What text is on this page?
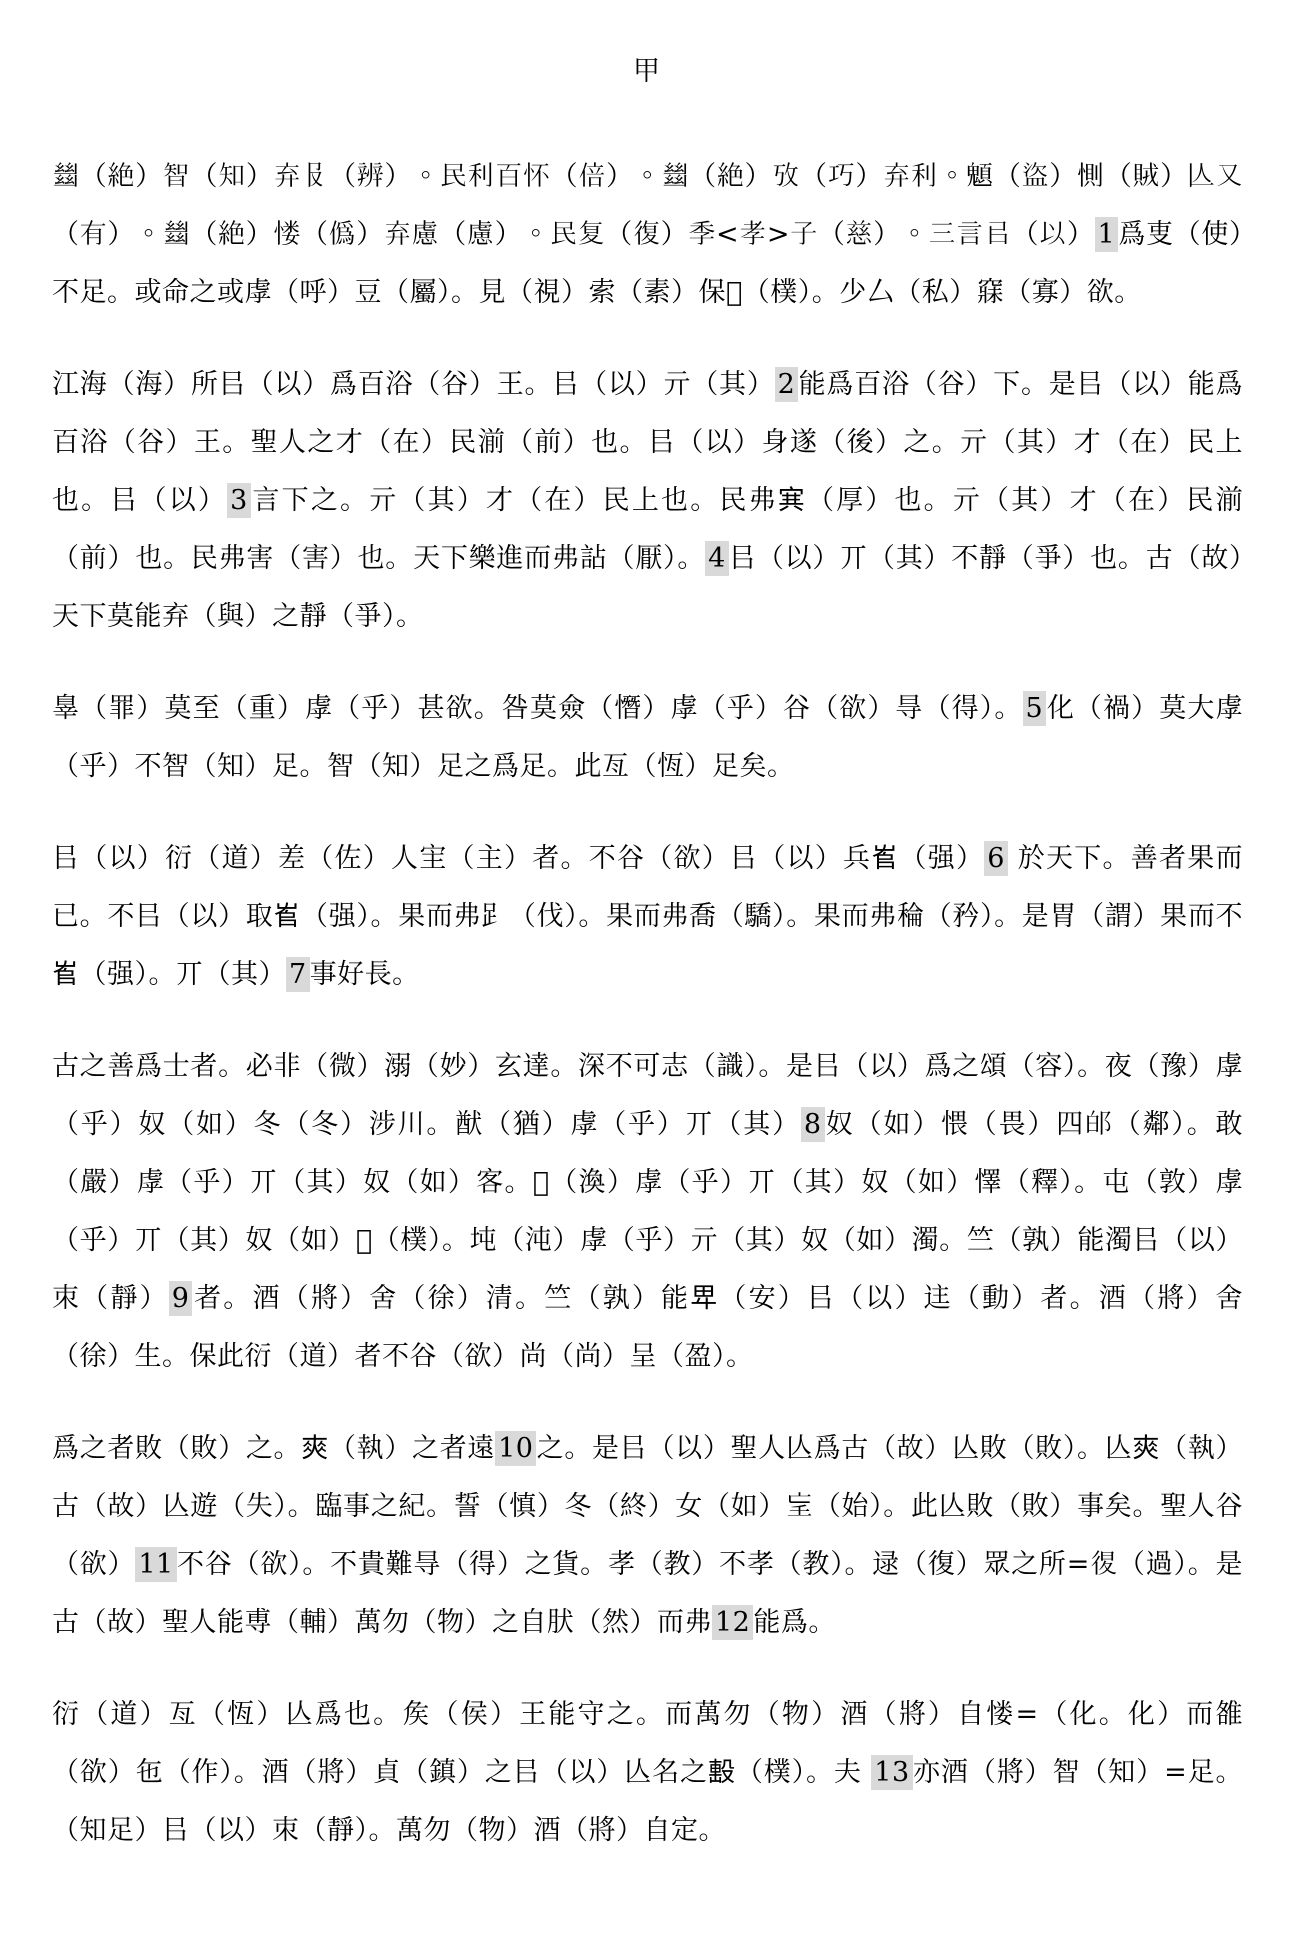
甲

𢇍（絶）智（知）弃𠬝（辨）。民利百怀（倍）。𢇍（絶）攷（巧）弃利。䫥（盜）惻（賊）亾又（有）。𢇍（絶）㥪（僞）弃慮（慮）。民复（復）季<孝>子（慈）。三言㠯（以） 1 爲叓（使）不足。或命之或虖（呼）豆（屬）。見（視）索（素）保𤕨（樸）。少厶（私）𥧌（寡）欲。

江海（海）所㠯（以）爲百浴（谷）王。㠯（以）亓（其） 2 能爲百浴（谷）下。是㠯（以）能爲百浴（谷）王。聖人之才（在）民湔（前）也。㠯（以）身遂（後）之。亓（其）才（在）民上也。㠯（以） 3 言下之。亓（其）才（在）民上也。民弗𡨄（厚）也。亓（其）才（在）民湔（前）也。民弗害（害）也。天下樂進而弗詀（厭）。 4 㠯（以）丌（其）不靜（爭）也。古（故）天下莫能弃（與）之靜（爭）。

辠（罪）莫至（重）虖（乎）甚欲。咎莫僉（憯）虖（乎）谷（欲）㝵（得）。 5 化（禍）莫大虖（乎）不智（知）足。智（知）足之爲足。此亙（恆）足矣。

㠯（以）衍（道）差（佐）人宔（主）者。不谷（欲）㠯（以）兵𡴎（强） 6 於天下。善者果而已。不㠯（以）取𡴎（强）。果而弗𧾷（伐）。果而弗喬（驕）。果而弗稐（矜）。是胃（謂）果而不𡴎（强）。丌（其） 7 事好長。

古之善爲士者。必非（微）溺（妙）玄達。深不可志（識）。是㠯（以）爲之頌（容）。夜（豫）虖（乎）奴（如）冬（冬）涉川。猷（猶）虖（乎）丌（其） 8 奴（如）愄（畏）四𨚮（鄰）。敢（嚴）虖（乎）丌（其）奴（如）客。𧡃（渙）虖（乎）丌（其）奴（如）懌（釋）。屯（敦）虖（乎）丌（其）奴（如）𣙞（樸）。坉（沌）虖（乎）亓（其）奴（如）濁。竺（孰）能濁㠯（以）朿（靜） 9 者。酒（將）舍（徐）清。竺（孰）能𤰞（安）㠯（以）迬（動）者。酒（將）舍（徐）生。保此衍（道）者不谷（欲）尚（尚）呈（盈）。

爲之者敗（敗）之。𡙁（執）之者遠 10 之。是㠯（以）聖人亾爲古（故）亾敗（敗）。亾𡙁（執）古（故）亾遊（失）。臨事之紀。誓（慎）冬（終）女（如）𡔞（始）。此亾敗（敗）事矣。聖人谷（欲） 11 不谷（欲）。不貴難㝵（得）之貨。孝（教）不孝（教）。逯（復）眾之所=𢓴（過）。是古（故）聖人能尃（輔）萬勿（物）之自肰（然）而弗 12 能爲。

衍（道）亙（恆）亾爲也。矦（侯）王能守之。而萬勿（物）酒（將）自㥪=（化。化）而雒（欲）㐌（作）。酒（將）貞（鎮）之㠯（以）亾名之𣪠（樸）。夫 13 亦酒（將）智（知）=足。（知足）㠯（以）朿（靜）。萬勿（物）酒（將）自定。
